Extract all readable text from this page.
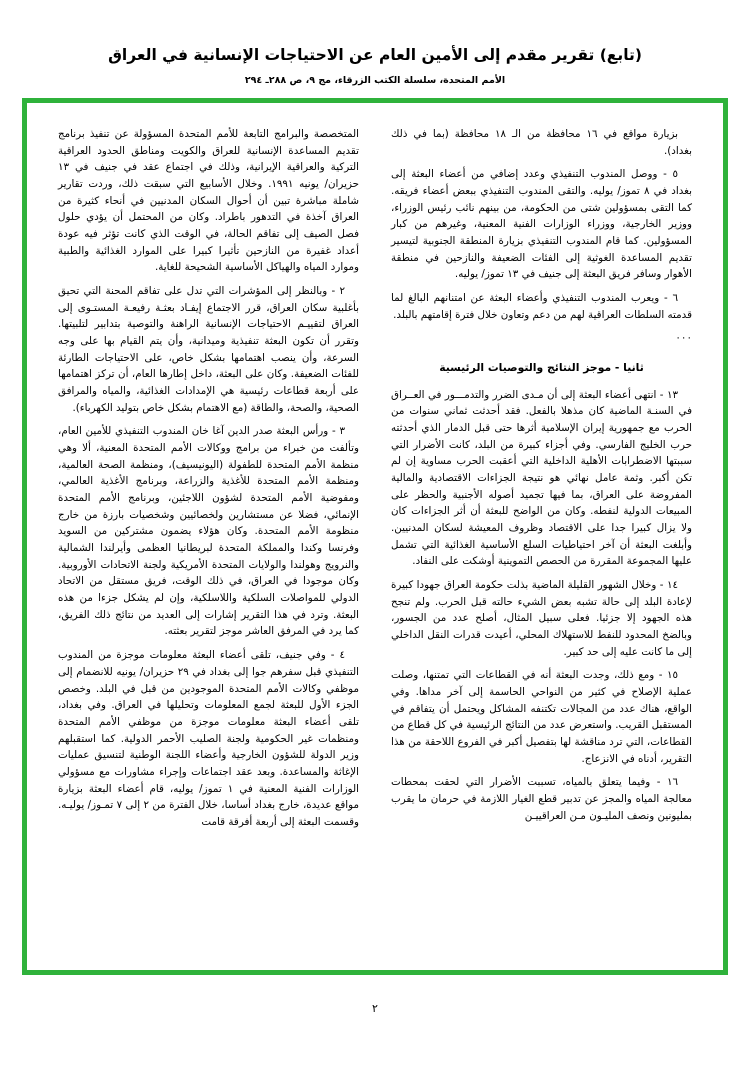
(تابع) تقرير مقدم إلى الأمين العام عن الاحتياجات الإنسانية في العراق
الأمم المتحدة، سلسلة الكتب الزرقاء، مج ٩، ص ٢٨٨ـ ٢٩٤

بزيارة مواقع في ١٦ محافظة من الـ ١٨ محافظة (بما في ذلك بغداد).

٥ - ووصل المندوب التنفيذي وعدد إضافي من أعضاء البعثة إلى بغداد في ٨ تموز/ يوليه. والتقى المندوب التنفيذي ببعض أعضاء فريقه. كما التقى بمسؤولين شتى من الحكومة، من بينهم نائب رئيس الوزراء، ووزير الخارجية، ووزراء الوزارات الفنية المعنية، وغيرهم من كبار المسؤولين. كما قام المندوب التنفيذي بزيارة المنطقة الجنوبية لتيسير تقديم المساعدة الغوثية إلى الفئات الضعيفة والنازحين في منطقة الأهوار وسافر فريق البعثة إلى جنيف في ١٣ تموز/ يوليه.

٦ - ويعرب المندوب التنفيذي وأعضاء البعثة عن امتنانهم البالغ لما قدمته السلطات العراقية لهم من دعم وتعاون خلال فترة إقامتهم بالبلد.

٠٠٠

ثانيا - موجز النتائج والتوصيات الرئيسية

١٣ - انتهى أعضاء البعثة إلى أن مـدى الضرر والتدمـــور في العــراق في السنـة الماضية كان مذهلا بالفعل. فقد أحدثت ثماني سنوات من الحرب مع جمهورية إيران الإسلامية أثرها حتى قبل الدمار الذي أحدثته حرب الخليج الفارسي. وفي أجزاء كبيرة من البلد، كانت الأضرار التي سببتها الاضطرابات الأهلية الداخلية التي أعقبت الحرب مساوية إن لم تكن أكبر. وثمة عامل نهائي هو نتيجة الجزاءات الاقتصادية والمالية المفروضة على العراق، بما فيها تجميد أصوله الأجنبية والحظر على المبيعات الدولية لنفطه. وكان من الواضح للبعثة أن أثر الجزاءات كان ولا يزال كبيرا جدا على الاقتصاد وظروف المعيشة لسكان المدنيين. وأبلغت البعثة أن آخر احتياطيات السلع الأساسية الغذائية التي تشمل عليها المجموعة المقررة من الحصص التموينية أوشكت على النفاد.

١٤ - وخلال الشهور القليلة الماضية بذلت حكومة العراق جهودا كبيرة لإعادة البلد إلى حالة تشبه بعض الشيء حالته قبل الحرب. ولم تنجح هذه الجهود إلا جزئيا. فعلى سبيل المثال، أصلح عدد من الجسور، وبالضخ المحدود للنفط للاستهلاك المحلي، أعيدت قدرات النقل الداخلي إلى ما كانت عليه إلى حد كبير.

١٥ - ومع ذلك، وجدت البعثة أنه في القطاعات التي تمتنها، وصلت عملية الإصلاح في كثير من النواحي الحاسمة إلى آخر مداها. وفي الواقع، هناك عدد من المجالات تكتنفه المشاكل ويحتمل أن يتفاقم في المستقبل القريب. واستعرض عدد من النتائج الرئيسية في كل قطاع من القطاعات، التي ترد مناقشة لها بتفصيل أكبر في الفروع اللاحقة من هذا التقرير، أدناه في الانزعاج.

١٦ - وفيما يتعلق بالمياه، تسببت الأضرار التي لحقت بمحطات معالجة المياه والمجز عن تدبير قطع الغيار اللازمة في حرمان ما يقرب بمليونين ونصف المليـون مـن العراقييـن

المتخصصة والبرامج التابعة للأمم المتحدة المسؤولة عن تنفيذ برنامج تقديم المساعدة الإنسانية للعراق والكويت ومناطق الحدود العراقية التركية والعراقية الإيرانية، وذلك في اجتماع عقد في جنيف في ١٣ حزيران/ يونيه ١٩٩١. وخلال الأسابيع التي سبقت ذلك، وردت تقارير شاملة مباشرة تبين أن أحوال السكان المدنيين في أنحاء كثيرة من العراق آخذة في التدهور باطراد. وكان من المحتمل أن يؤدي حلول فصل الصيف إلى تفاقم الحالة، في الوقت الذي كانت تؤثر فيه عودة أعداد غفيرة من النازحين تأثيرا كبيرا على الموارد الغذائية والطبية وموارد المياه والهياكل الأساسية الشحيحة للغاية.

٢ - وبالنظر إلى المؤشرات التي تدل على تفاقم المحنة التي تحيق بأغلبية سكان العراق، قرر الاجتماع إيفـاد بعثـة رفيعـة المستـوى إلى العراق لتقييـم الاحتياجات الإنسانية الراهنة والتوصية بتدابير لتلبيتها. وتقرر أن تكون البعثة تنفيذية وميدانية، وأن يتم القيام بها على وجه السرعة، وأن ينصب اهتمامها بشكل خاص، على الاحتياجات الطارئة للفئات الضعيفة. وكان على البعثة، داخل إطارها العام، أن تركز اهتمامها على أربعة قطاعات رئيسية هي الإمدادات الغذائية، والمياه والمرافق الصحية، والصحة، والطاقة (مع الاهتمام بشكل خاص بتوليد الكهرباء).

٣ - ورأس البعثة صدر الدين آغا خان المندوب التنفيذي للأمين العام، وتألفت من خبراء من برامج ووكالات الأمم المتحدة المعنية، ألا وهي منظمة الأمم المتحدة للطفولة (اليونيسيف)، ومنظمة الصحة العالمية، ومنظمة الأمم المتحدة للأغذية والزراعة، وبرنامج الأغذية العالمي، ومفوضية الأمم المتحدة لشؤون اللاجئين، وبرنامج الأمم المتحدة الإنمائي، فضلا عن مستشارين ولخصائيين وشخصيات بارزة من خارج منظومة الأمم المتحدة. وكان هؤلاء يضمون مشتركين من السويد وفرنسا وكندا والمملكة المتحدة لبريطانيا العظمى وأيرلندا الشمالية والنرويج وهولندا والولايات المتحدة الأمريكية ولجنة الاتحادات الأوروبية. وكان موجودا في العراق، في ذلك الوقت، فريق مستقل من الاتحاد الدولي للمواصلات السلكية واللاسلكية، وإن لم يشكل جزءا من هذه البعثة. وترد في هذا التقرير إشارات إلى العديد من نتائج ذلك الفريق، كما يرد في المرفق العاشر موجز لتقرير بعثته.

٤ - وفي جنيف، تلقى أعضاء البعثة معلومات موجزة من المندوب التنفيذي قبل سفرهم جوا إلى بغداد في ٢٩ حزيران/ يونيه للانضمام إلى موظفي وكالات الأمم المتحدة الموجودين من قبل في البلد. وخصص الجزء الأول للبعثة لجمع المعلومات وتحليلها في العراق. وفي بغداد، تلقى أعضاء البعثة معلومات موجزة من موظفي الأمم المتحدة ومنظمات غير الحكومية ولجنة الصليب الأحمر الدولية. كما استقبلهم وزير الدولة للشؤون الخارجية وأعضاء اللجنة الوطنية لتنسيق عمليات الإغاثة والمساعدة. وبعد عقد اجتماعات وإجراء مشاورات مع مسؤولي الوزارات الفنية المعنية في ١ تموز/ يوليه، قام أعضاء البعثة بزيارة مواقع عديدة، خارج بغداد أساسا، خلال الفترة من ٢ إلى ٧ تمـوز/ يوليـه. وقسمت البعثة إلى أربعة أفرقة قامت

٢
